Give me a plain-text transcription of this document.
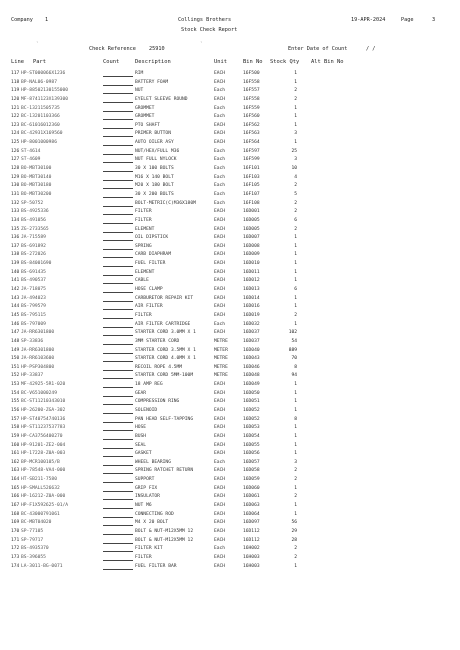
Company 1	Collings Brothers	19-APR-2024	Page	3
Stock Check Report
`	`
Check Reference	25910	Enter Date of Count	/ /
Line Part	Count	Description	Unit	Bin No Stock Qty Alt Bin No
117 HP-ST000066X1236	RIM	EACH	16F500	1
118 BP-NAL06-0987	BATTERY FOAM	EACH	16F558	1
119 HP-88502130155000	NUT	Each	16F557	2
120 MF-8741123X139300	EYELET SLEEVE ROUND	EACH	16F558	2
121 BC-13211505735	GROMMET	Each	16F559	1
122 BC-13201103366	GROMMET	Each	16F560	1
123 BC-61016012360	PTO SHAFT	EACH	16F562	1
124 BC-42931X169560	PRIMER BUTTON	EACH	16F563	3
125 HP-8001000986	AUTO OILER ASY	EACH	16F564	1
126 ST-4614	NUT/HEX/FULL M36	Each	16F597	25
127 ST-4609	NUT FULL NYLOCK	Each	16F599	3
128 BO-MBT30100	30 X 100 BOLTS	Each	16F101	10
129 BO-MBT30140	M16 X 140 BOLT	Each	16F103	4
130 BO-MBT30180	M20 X 180 BOLT	Each	16F105	2
131 BO-MBT30200	30 X 200 BOLTS	Each	16F107	5
132 SP-50752	BOLT-METRIC(C)M36X180M	Each	16F108	2
133 BS-4925336	FILTER	EACH	16D001	2
134 BS-491056	FILTER	EACH	16D005	6
135 ZG-2733565	ELEMENT	EACH	16D005	2
136 JA-715589	OIL DIPSTICK	EACH	16D007	1
137 BS-691892	SPRING	EACH	16D008	1
138 BS-272026	CARB DIAPHRAM	EACH	16D009	1
139 BS-84001690	FUEL FILTER	EACH	16D010	1
140 BS-691435	ELEMENT	EACH	16D011	1
141 BS-490537	CABLE	EACH	16D012	1
142 JA-718075	HOSE CLAMP	EACH	16D013	6
143 JA-494023	CARBURETOR REPAIR KIT	EACH	16D014	1
144 BS-799579	AIR FILTER	EACH	16D016	1
145 BS-795115	FILTER	EACH	16D019	2
146 BS-797009	AIR FILTER CARTRIDGE	Each	16D032	1
147 JA-RR6301800	STARTER CORD 3.0MM X 1	EACH	16D037	102
148 SP-33836	3MM STARTER CORD	METRE	16D037	54
149 JA-RR6301800	STARTER CORD 3.5MM X 1	METER	16D040	889
150 JA-RR6103600	STARTER CORD 4.0MM X 1	METRE	16D043	70
151 HP-PSP304800	RECOIL ROPE 4.5MM	METRE	16D046	8
152 HP-33837	STARTER CORD 5MM-100M	METRE	16D048	94
153 MF-42925-5R1-020	18 AMP REG	EACH	16D049	1
154 BC-V651000249	GEAR	EACH	16D050	1
155 BC-ST11210343010	COMPRESSION RING	EACH	16D051	1
156 HP-26200-ZGA-302	SOLENOID	EACH	16D052	1
157 HP-ST40754740136	PAN HEAD SELF-TAPPING	EACH	16D052	8
158 HP-ST11237537783	HOSE	EACH	16D053	1
159 HP-CA3756400270	BUSH	EACH	16D054	1
160 HP-91201-ZE2-004	SEAL	EACH	16D055	1
161 HP-17228-Z0A-003	GASKET	EACH	16D056	1
162 BP-MCR100105/B	WHEEL BEARING	Each	16D057	3
163 HP-78548-VA4-000	SPRING RATCHET RETURN	EACH	16D058	2
164 HT-SB211-7580	SUPPORT	EACH	16D059	2
165 HP-SMALL526632	GRIP FIX	EACH	16D060	1
166 HP-16212-Z0A-000	INSULATOR	EACH	16D061	2
167 HP-F1X592625-01/A	NUT M6	EACH	16D063	1
168 BC-43000791061	CONNECTING ROD	EACH	16D064	1
169 BC-MBT04020	M4 X 20 BOLT	EACH	16D097	56
170 SP-77105	BOLT & NUT-M12X5MM 12	EACH	16D112	29
171 SP-79717	BOLT & NUT-M12X5MM 12	EACH	16D112	28
172 BS-4935370	FILTER KIT	Each	16H002	2
173 BS-396055	FILTER	EACH	16H003	2
174 LA-3011-BG-0071	FUEL FILTER BAR	EACH	16H003	1
